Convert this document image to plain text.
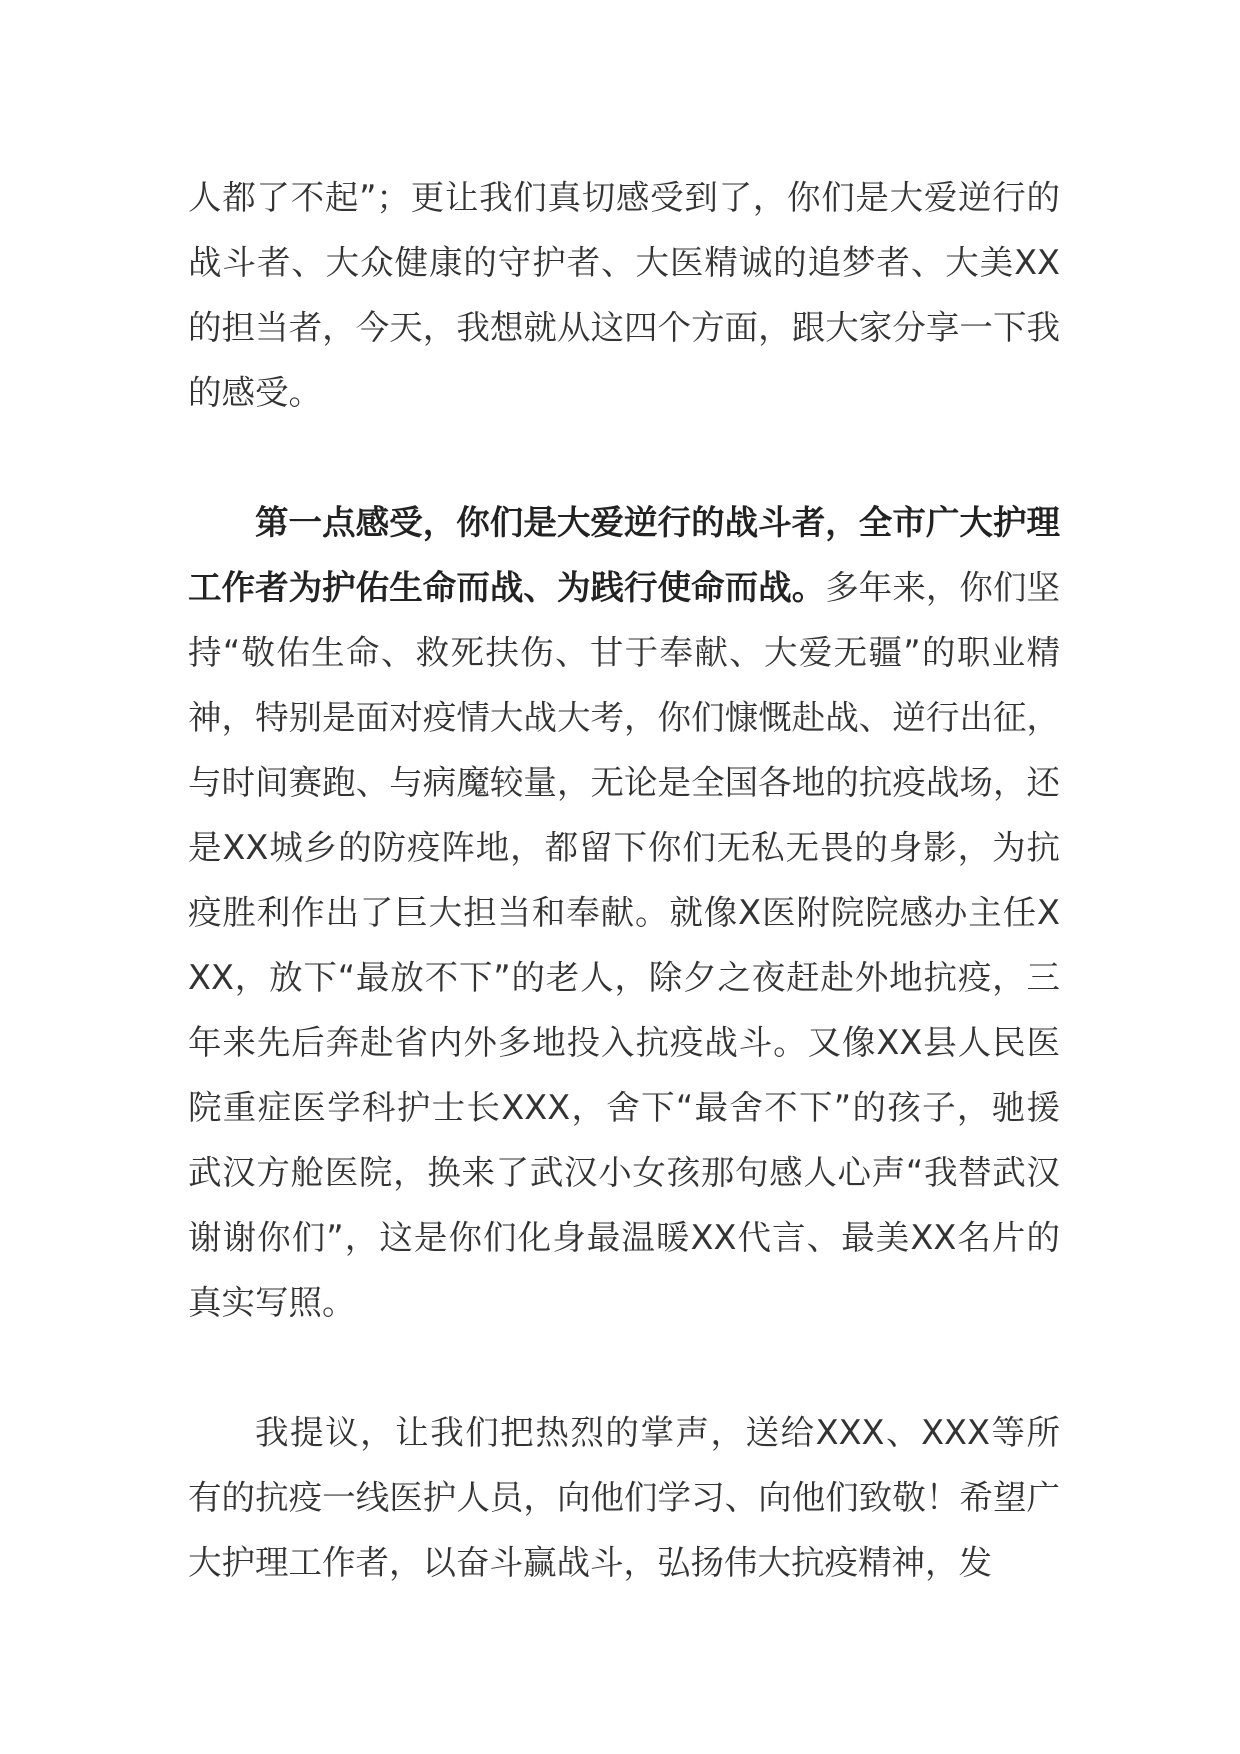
人都了不起”；更让我们真切感受到了，你们是大爱逆行的战斗者、大众健康的守护者、大医精诚的追梦者、大美XX的担当者，今天，我想就从这四个方面，跟大家分享一下我的感受。

第一点感受，你们是大爱逆行的战斗者，全市广大护理工作者为护佑生命而战、为践行使命而战。多年来，你们坚持“敬佑生命、救死扶伤、甘于奉献、大爱无疆”的职业精神，特别是面对疫情大战大考，你们慷慨赴战、逆行出征，与时间赛跑、与病魔较量，无论是全国各地的抗疫战场，还是XX城乡的防疫阵地，都留下你们无私无畏的身影，为抗疫胜利作出了巨大担当和奉献。就像X医附院院感办主任XXX，放下“最放不下”的老人，除夕之夜赶赴外地抗疫，三年来先后奔赴省内外多地投入抗疫战斗。又像XX县人民医院重症医学科护士长XXX，舍下“最舍不下”的孩子，驰援武汉方舱医院，换来了武汉小女孩那句感人心声“我替武汉谢谢你们”，这是你们化身最温暖XX代言、最美XX名片的真实写照。

我提议，让我们把热烈的掌声，送给XXX、XXX等所有的抗疫一线医护人员，向他们学习、向他们致敬！希望广大护理工作者，以奋斗赢战斗，弘扬伟大抗疫精神，发
